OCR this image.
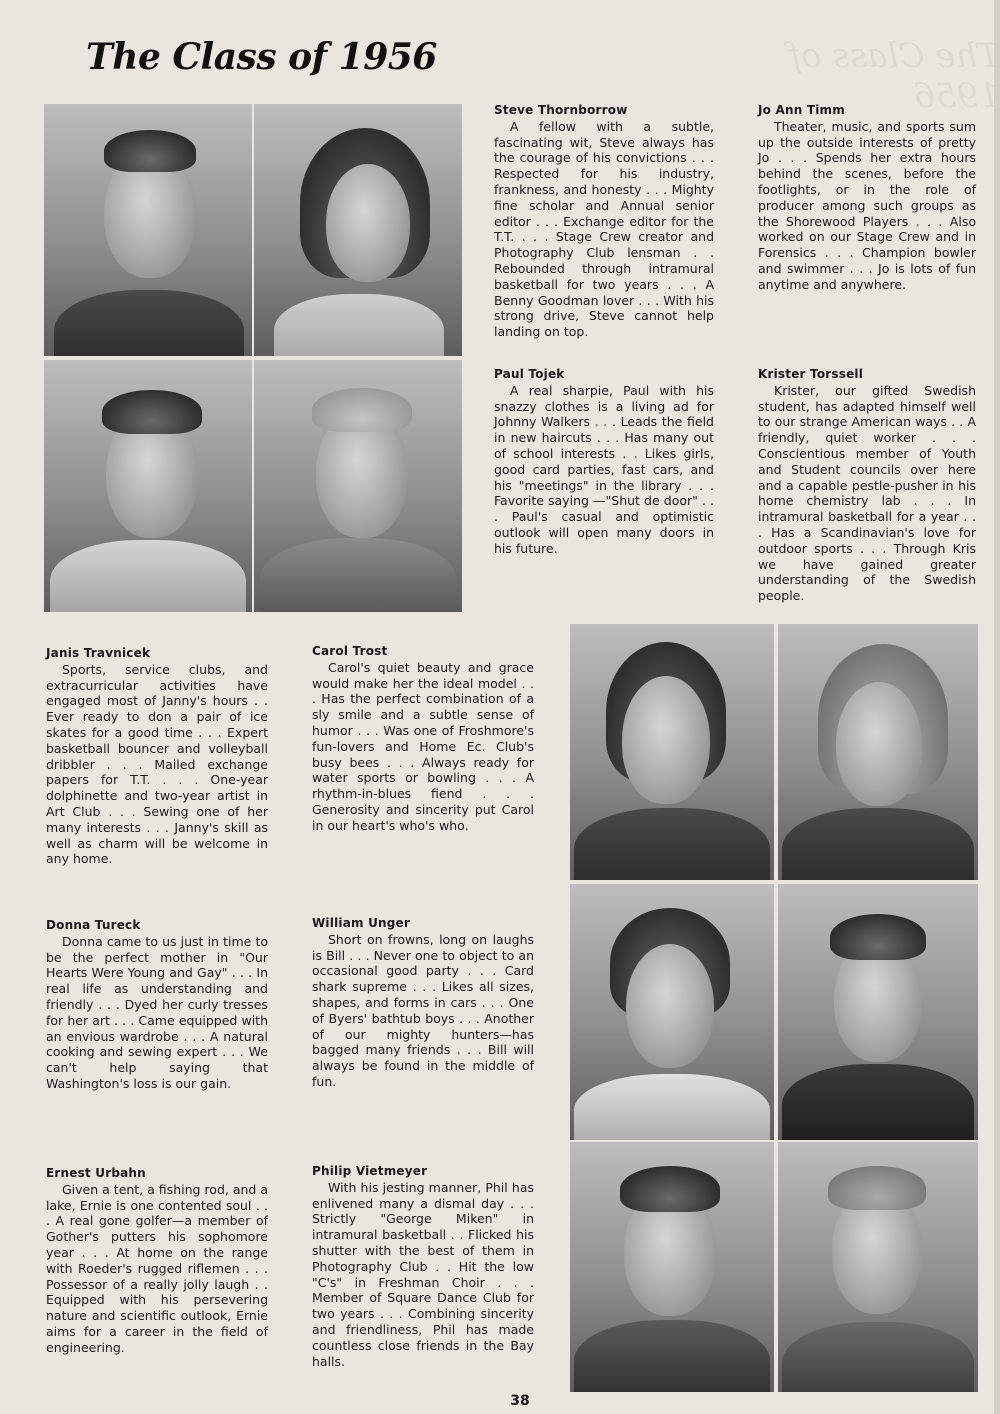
The Class of 1956
The Class of 1956
Steve Thornborrow

A fellow with a subtle, fascinating wit, Steve always has the courage of his convictions . . . Respected for his industry, frankness, and honesty . . . Mighty fine scholar and Annual senior editor . . . Exchange editor for the T.T. . . . Stage Crew creator and Photography Club lensman . . Rebounded through intramural basketball for two years . . . A Benny Goodman lover . . . With his strong drive, Steve cannot help landing on top.

Jo Ann Timm

Theater, music, and sports sum up the outside interests of pretty Jo . . . Spends her extra hours behind the scenes, before the footlights, or in the role of producer among such groups as the Shorewood Players . . . Also worked on our Stage Crew and in Forensics . . . Champion bowler and swimmer . . . Jo is lots of fun anytime and anywhere.

Paul Tojek

A real sharpie, Paul with his snazzy clothes is a living ad for Johnny Walkers . . . Leads the field in new haircuts . . . Has many out of school interests . . Likes girls, good card parties, fast cars, and his "meetings" in the library . . . Favorite saying —"Shut de door" . . . Paul's casual and optimistic outlook will open many doors in his future.

Krister Torssell

Krister, our gifted Swedish student, has adapted himself well to our strange American ways . . A friendly, quiet worker . . . Conscientious member of Youth and Student councils over here and a capable pestle-pusher in his home chemistry lab . . . In intramural basketball for a year . . . Has a Scandinavian's love for outdoor sports . . . Through Kris we have gained greater understanding of the Swedish people.

Janis Travnicek

Sports, service clubs, and extracurricular activities have engaged most of Janny's hours . . Ever ready to don a pair of ice skates for a good time . . . Expert basketball bouncer and volleyball dribbler . . . Mailed exchange papers for T.T. . . . One-year dolphinette and two-year artist in Art Club . . . Sewing one of her many interests . . . Janny's skill as well as charm will be welcome in any home.

Carol Trost

Carol's quiet beauty and grace would make her the ideal model . . . Has the perfect combination of a sly smile and a subtle sense of humor . . . Was one of Froshmore's fun-lovers and Home Ec. Club's busy bees . . . Always ready for water sports or bowling . . . A rhythm-in-blues fiend . . . Generosity and sincerity put Carol in our heart's who's who.

Donna Tureck

Donna came to us just in time to be the perfect mother in "Our Hearts Were Young and Gay" . . . In real life as understanding and friendly . . . Dyed her curly tresses for her art . . . Came equipped with an envious wardrobe . . . A natural cooking and sewing expert . . . We can't help saying that Washington's loss is our gain.

William Unger

Short on frowns, long on laughs is Bill . . . Never one to object to an occasional good party . . . Card shark supreme . . . Likes all sizes, shapes, and forms in cars . . . One of Byers' bathtub boys . . . Another of our mighty hunters—has bagged many friends . . . Bill will always be found in the middle of fun.

Ernest Urbahn

Given a tent, a fishing rod, and a lake, Ernie is one contented soul . . . A real gone golfer—a member of Gother's putters his sophomore year . . . At home on the range with Roeder's rugged riflemen . . . Possessor of a really jolly laugh . . Equipped with his persevering nature and scientific outlook, Ernie aims for a career in the field of engineering.

Philip Vietmeyer

With his jesting manner, Phil has enlivened many a dismal day . . . Strictly "George Miken" in intramural basketball . . Flicked his shutter with the best of them in Photography Club . . Hit the low "C's" in Freshman Choir . . . Member of Square Dance Club for two years . . . Combining sincerity and friendliness, Phil has made countless close friends in the Bay halls.

38
